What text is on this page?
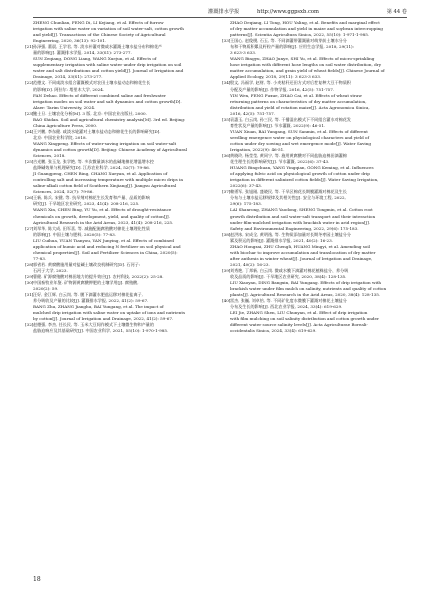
灌溉排水学报	http://www.ggpsxb.com	第 44 卷
ZHENG Chunlian, FENG Di, LI Kejiang, et al. Effects of furrow
irrigation with saline water on variation of soil water-salt, cotton growth
and yield[J]. Transactions of the Chinese Society of Agricultural
Engineering, 2020, 36(13): 92-101.
[21] 孙泽强, 董晨, 王学君, 等. 淡水补灌对微咸水灌溉土壤水盐分布和棉花产
量的影响[J]. 灌溉排水学报, 2014, 33(S1): 273-277.
SUN Zeqiang, DONG Liang, WANG Xuejun, et al. Effects of
supplementary irrigation with saline water under drip irrigation on soil
water and salt distributions and cotton yield[J]. Journal of Irrigation and
Drainage, 2014, 33(S1): 273-277.
[22] 范德文. 不同咸淡水组合灌溉模式对农田土壤水盐动态和棉花生长
的影响[D]. 阿拉尔: 塔里木大学, 2024.
FAN Dehao. Effects of different combined saline and freshwater
irrigation modes on soil water and salt dynamics and cotton growth[D].
Alaer: Tarim University, 2024.
[23] 鲍士旦. 土壤农化分析[M]. 3 版. 北京: 中国农业出版社, 2000.
BAO Shidan. Soil and agricultural chemistry analysis[M]. 3rd ed. Beijing:
China Agriculture Press, 2000.
[24] 王兴鹏, 李东健. 咸淡水轮灌对土壤水盐动态和棉花生长的影响研究[D].
北京: 中国农业科学院, 2018.
WANG Xingpeng. Effects of water-saving irrigation on soil water-salt
dynamics and cotton growth[D]. Beijing: Chinese Academy of Agricultural
Sciences, 2018.
[25] 吉光鹏, 张玉龙, 张学艳, 等. 多次微量滴水的盐碱地棉花增温增水控
盐降碱效果与机理研究[D]. 江苏农业科学, 2024, 52(7): 79-86.
JI Guangpeng, CHEN Bing, CHANG Xueyan, et al. Application of
controlling salt and increasing temperature with multiple micro drips in
saline-alkali cotton field of Southern Xinjiang[J]. Jiangsu Agricultural
Sciences, 2024, 52(7): 79-86.
[26] 王新, 陈兵, 宋健, 等. 抗旱剂对棉花生长发育和产量、品质的影响
研究[J]. 干旱地区农业研究, 2023, 41(4): 208-216, 225.
WANG Xin, CHEN Bing, YU Yu, et al. Effects of drought-resistance
chemicals on growth, development, yield, and quality of cotton[J].
Agricultural Research in the Arid Areas, 2023, 41(4): 208-216, 225.
[27] 刘翠华, 陈大成, 田军喜, 等. 减施配施腐殖酸对棉花土壤理化性质
的影响[J]. 中国土壤与肥料, 2020(5): 77-83.
LIU Cuihua, YUAN Tianyou, YAN Junying, et al. Effects of combined
application of humic acid and reducing N fertilizer on soil physical and
chemical properties[J]. Soil and Fertilizer Sciences in China, 2020(5):
77-83.
[28] 郭省若. 黄腐酸施用量对盐碱土壤改良机制研究[D]. 石河子:
石河子大学, 2023.
[29] 曹健. 矿源腐殖酸对棉田地力的提升效应[J]. 农村科技, 2022(2): 25-28.
[30] 中国畜牧业年鉴. 矿物源黄腐酸钾肥的土壤学用[J]. 腐殖酸,
2020(2): 59.
[31] 汪好, 金江辉, 白云岗, 等. 膜下滴灌水肥盐运移对棉花盐离子,
养分吸收及产量的比较[J]. 灌溉排水学报, 2022, 41(2): 59-67.
BANG Zhu, ZHANG Jianghu, BAI Yungang, et al. The impact of
mulched drip irrigation with saline water on uptake of ions and nutrients
by cotton[J]. Journal of Irrigation and Drainage, 2022, 41(2): 59-67.
[32] 赵德强, 李杰, 任长民, 等. 玉米大豆间作模式下土壤微生物和产量的
盐胁迫响应及其基础研究[J]. 中国农业科学, 2021, 55(10): 1-970-1-985.
ZHAO Deqiang, LI Tong, HOU Yaling, et al. Benefits and marginal effect
of dry matter accumulation and yield in maize and soybean intercropping
patterns[J]. Scientia Agricultura Sinica, 2022, 55(10): 1-971-1-985.
[33] 王国心, 赵俊樸, 石玉, 等. 不同滴灌带灌溉量对萌芽前土壤水分分
布和干物质积累及籽粒产量的影响[J]. 应用生态学报, 2018, 29(11):
3 623-3 633.
WANG Bingyu, ZHAO Junye, SHI Yu, et al. Effects of micro-sprinkling
hose irrigation with different hose lengths on soil water distribution, dry
matter accumulation, and grain yield of wheat fields[J]. Chinese Journal of
Applied Ecology, 2018, 29(11): 3 623-3 633.
[34] 殷文, 冯福学, 赵财, 等. 小麦秸秆还田方式对后茬复种大豆干物质积
分配及产量的影响[J]. 作物学报, 2016, 42(5): 751-757.
YIN Wen, FENG Fuxue, ZHAO Cai, et al. Effects of wheat straw
returning patterns on characteristics of dry matter accumulation,
distribution and yield of rotation maize[J]. Acta Agronomica Sinica,
2016, 42(5): 751-757.
[35] 袁惠玉, 白云岗, 孙三民, 等. 干播湿出模式下不同组合灌水对棉花发
育性状及产量的影响[J]. 节水灌溉, 2022(9): 46-51.
YUAN Xiuan, BAI Yungang, SUN Sanmin, et al. Effects of different
seedling emergence water on physiological characters and yield of
cotton under dry sowing and wet emergence mode[J]. Water Saving
Irrigation, 2022(9): 46-51.
[36] 黄晓玲, 杨莹莹, 黄同宁, 等. 施用黄腐酸对不同盐胁迫棉田滴灌棉
花生理生长的影响研究[J]. 节水灌溉, 2022(6): 37-43.
HUANG Bingchuan, YANG Yingqian, GONG Keming, et al. Influences
of applying fulvic acid on physiological growth of cotton under drip
irrigation in different salinized cotton fields[J]. Water Saving Irrigation,
2022(6): 37-43.
[37] 赖勇军, 张旭刚, 盛晓民, 等. 干旱区棉花长期膜灌溉对棉花及生长
分布与土壤水盐运移规律及其相关性[J]. 安全与环境工程, 2022,
29(6): 175-183.
LAI Shanrong, ZHANG Yaodong, SHENG Tongmin, et al. Cotton root
growth distribution and soil water-salt transport and their interaction
under film-mulched irrigation with brackish water in arid region[J].
Safety and Environmental Engineering, 2022, 29(6): 175-183.
[38] 赵洪冰, 宋成全, 黄明逸, 等. 生物炭添加量对长期冬枣园土壤盐分分
累及积运的影响[J]. 灌溉排水学报, 2021, 40(2): 16-23.
ZHAO Hongzai, ZHU Chengli, HUANG Mingyi, et al. Amending soil
with biochar to improve accumulation and translocation of dry matter
after anthesis in winter wheat[J]. Journal of Irrigation and Drainage,
2021, 40(2): 16-23.
[39] 刘秀艳, 丁邦新, 白云岗. 微咸水膜下滴灌对棉花植株盐分、养分吸
收及品质的影响[J]. 干旱地区农业研究, 2020, 38(4): 128-135.
LIU Xiaoyan, DING Bangxin, BAI Yungang. Effects of drip irrigation with
brackish water under film mulch on salinity, nutrients and quality of cotton
plants[J]. Agricultural Research in the Arid Areas, 2020, 38(4): 128-135.
[40] 雷杰, 张巍, 刘卓怡, 等. 不同矿化度水微膜下灌溉对棉花土壤盐分
分布及生长的影响[J]. 西北农业学报, 2024, 33(4): 619-629.
LEI Jie, ZHANG Shen, LIU Chunyan, et al. Effect of drip irrigation
with film mulching on soil salinity distribution and cotton growth under
different water source salinity levels[J]. Acta Agriculturae Boreali-
occidentalis Sinica, 2024, 33(4): 619-629.
18
